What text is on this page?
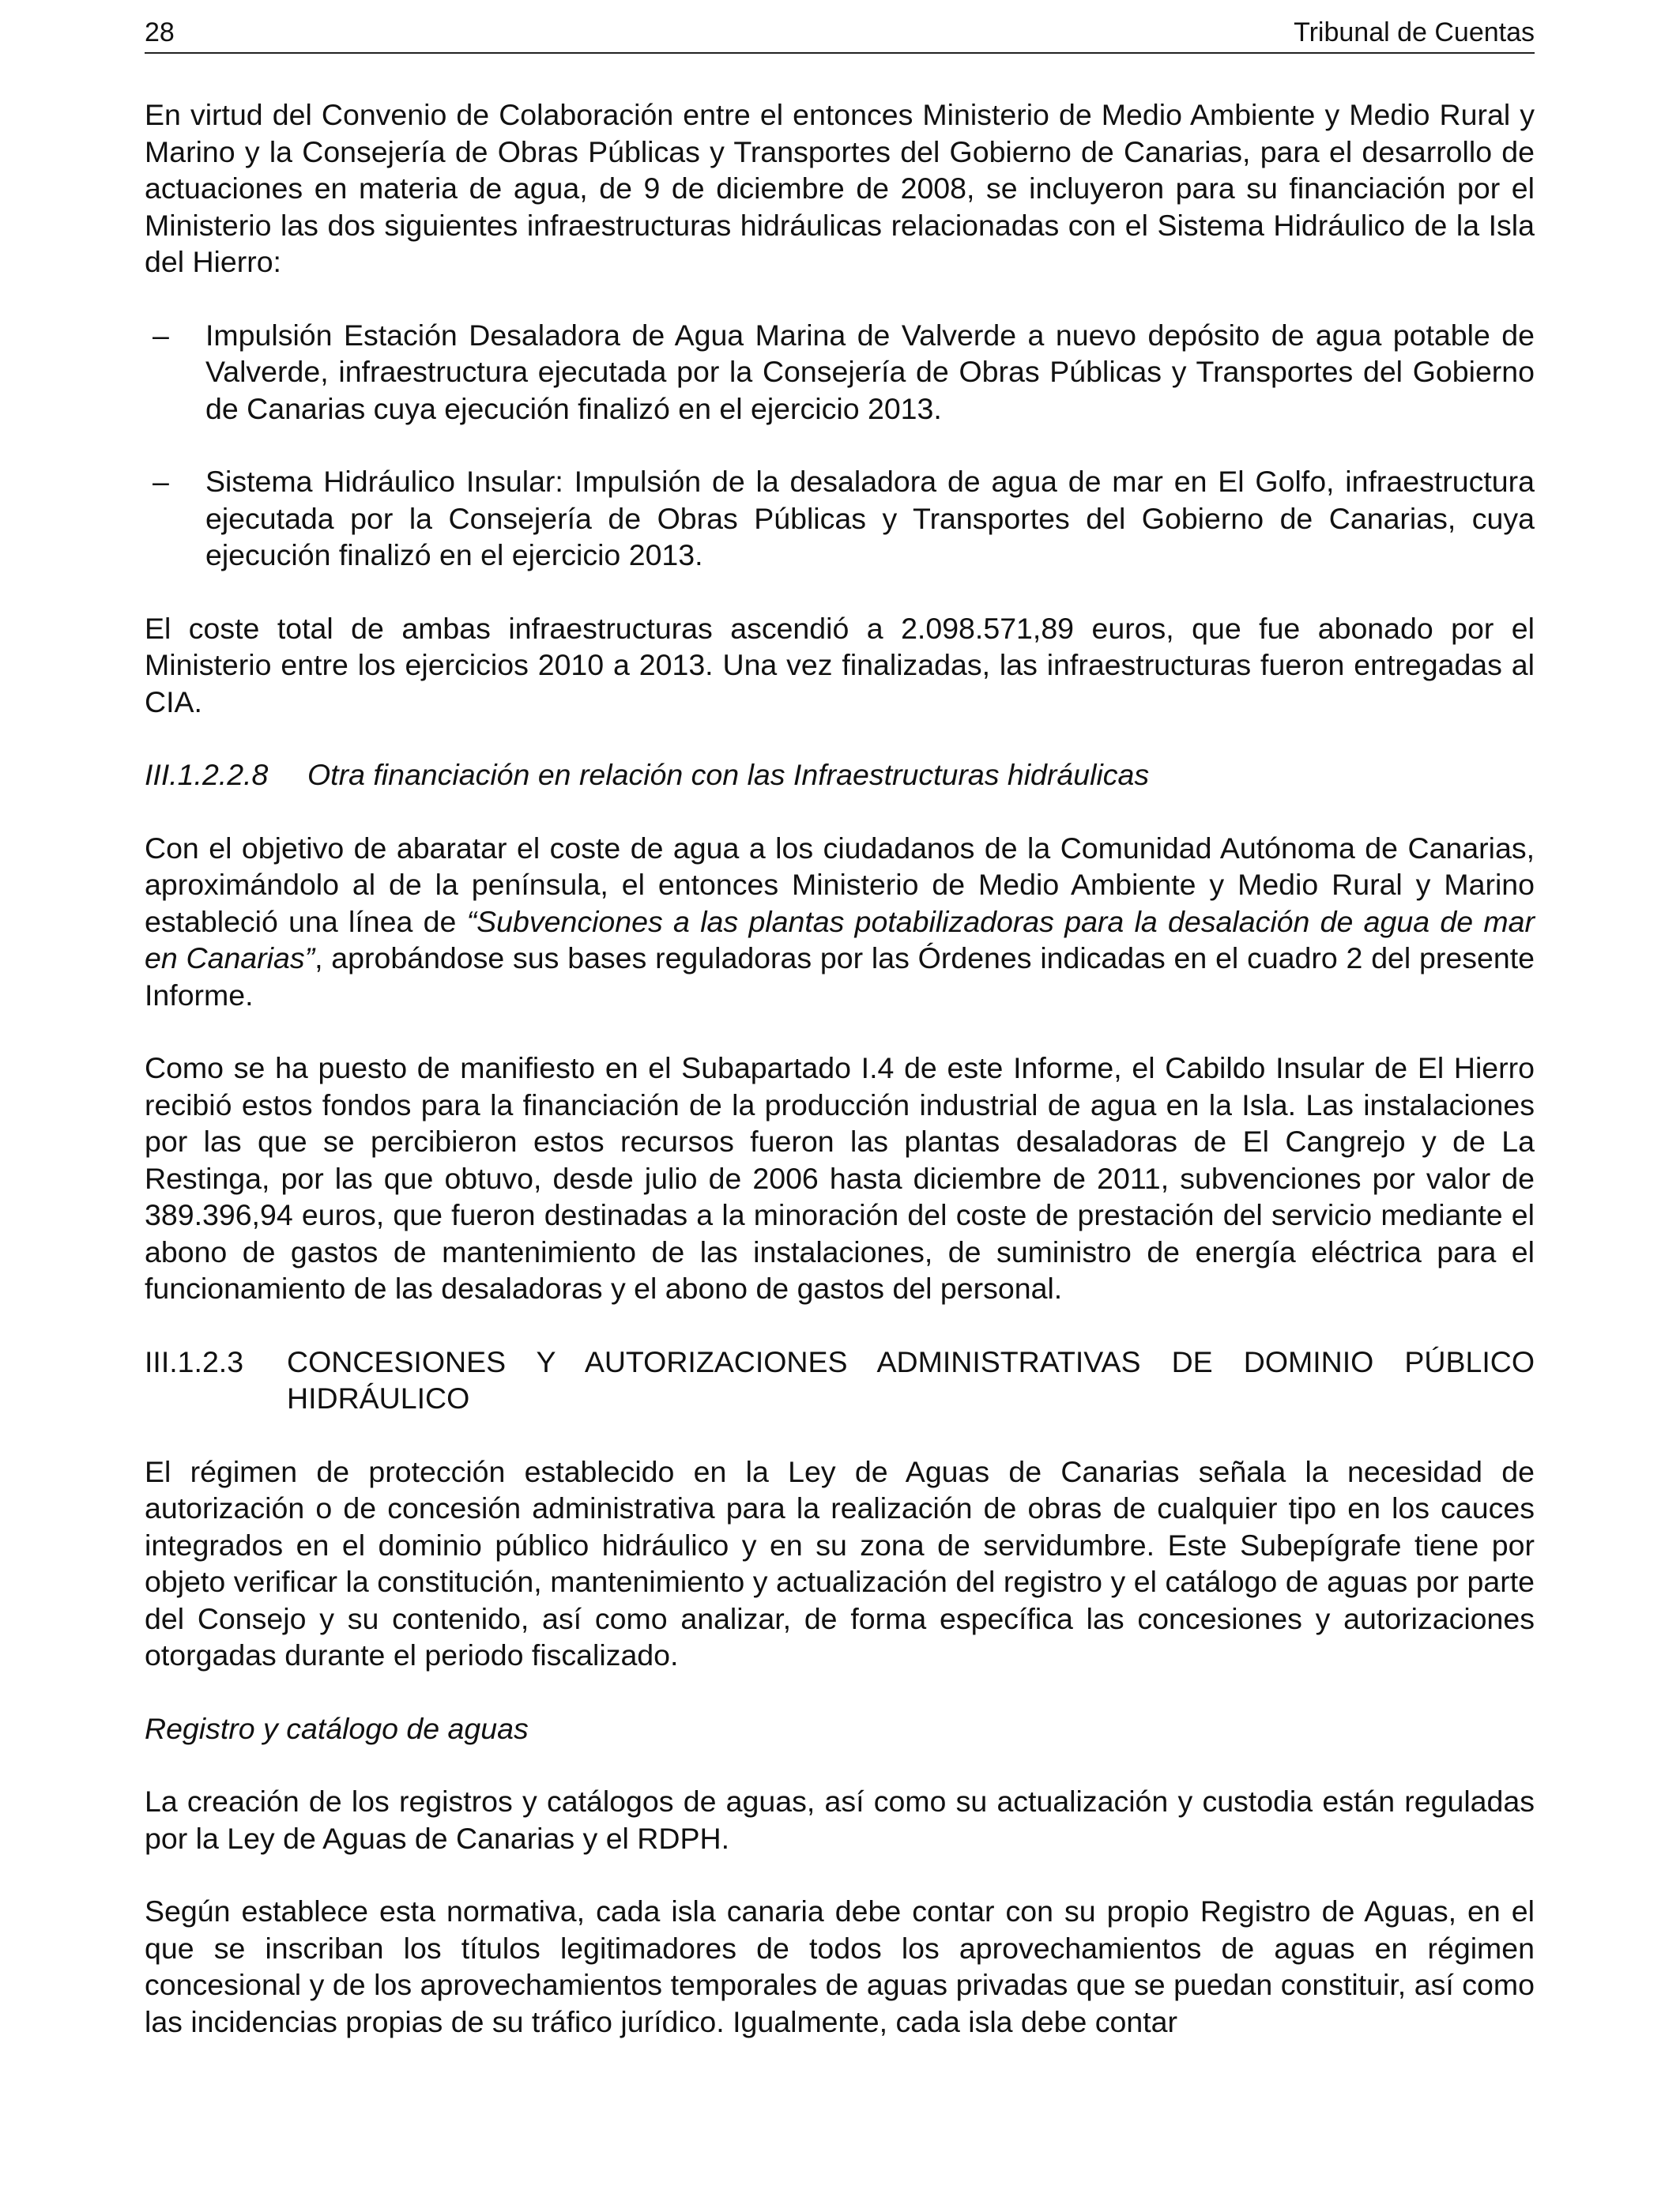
28	Tribunal de Cuentas

En virtud del Convenio de Colaboración entre el entonces Ministerio de Medio Ambiente y Medio Rural y Marino y la Consejería de Obras Públicas y Transportes del Gobierno de Canarias, para el desarrollo de actuaciones en materia de agua, de 9 de diciembre de 2008, se incluyeron para su financiación por el Ministerio las dos siguientes infraestructuras hidráulicas relacionadas con el Sistema Hidráulico de la Isla del Hierro:

– Impulsión Estación Desaladora de Agua Marina de Valverde a nuevo depósito de agua potable de Valverde, infraestructura ejecutada por la Consejería de Obras Públicas y Transportes del Gobierno de Canarias cuya ejecución finalizó en el ejercicio 2013.
– Sistema Hidráulico Insular: Impulsión de la desaladora de agua de mar en El Golfo, infraestructura ejecutada por la Consejería de Obras Públicas y Transportes del Gobierno de Canarias, cuya ejecución finalizó en el ejercicio 2013.

El coste total de ambas infraestructuras ascendió a 2.098.571,89 euros, que fue abonado por el Ministerio entre los ejercicios 2010 a 2013. Una vez finalizadas, las infraestructuras fueron entregadas al CIA.

III.1.2.2.8 Otra financiación en relación con las Infraestructuras hidráulicas

Con el objetivo de abaratar el coste de agua a los ciudadanos de la Comunidad Autónoma de Canarias, aproximándolo al de la península, el entonces Ministerio de Medio Ambiente y Medio Rural y Marino estableció una línea de “Subvenciones a las plantas potabilizadoras para la desalación de agua de mar en Canarias”, aprobándose sus bases reguladoras por las Órdenes indicadas en el cuadro 2 del presente Informe.

Como se ha puesto de manifiesto en el Subapartado I.4 de este Informe, el Cabildo Insular de El Hierro recibió estos fondos para la financiación de la producción industrial de agua en la Isla. Las instalaciones por las que se percibieron estos recursos fueron las plantas desaladoras de El Cangrejo y de La Restinga, por las que obtuvo, desde julio de 2006 hasta diciembre de 2011, subvenciones por valor de 389.396,94 euros, que fueron destinadas a la minoración del coste de prestación del servicio mediante el abono de gastos de mantenimiento de las instalaciones, de suministro de energía eléctrica para el funcionamiento de las desaladoras y el abono de gastos del personal.

III.1.2.3	CONCESIONES Y AUTORIZACIONES ADMINISTRATIVAS DE DOMINIO PÚBLICO HIDRÁULICO

El régimen de protección establecido en la Ley de Aguas de Canarias señala la necesidad de autorización o de concesión administrativa para la realización de obras de cualquier tipo en los cauces integrados en el dominio público hidráulico y en su zona de servidumbre. Este Subepígrafe tiene por objeto verificar la constitución, mantenimiento y actualización del registro y el catálogo de aguas por parte del Consejo y su contenido, así como analizar, de forma específica las concesiones y autorizaciones otorgadas durante el periodo fiscalizado.

Registro y catálogo de aguas

La creación de los registros y catálogos de aguas, así como su actualización y custodia están reguladas por la Ley de Aguas de Canarias y el RDPH.

Según establece esta normativa, cada isla canaria debe contar con su propio Registro de Aguas, en el que se inscriban los títulos legitimadores de todos los aprovechamientos de aguas en régimen concesional y de los aprovechamientos temporales de aguas privadas que se puedan constituir, así como las incidencias propias de su tráfico jurídico. Igualmente, cada isla debe contar
